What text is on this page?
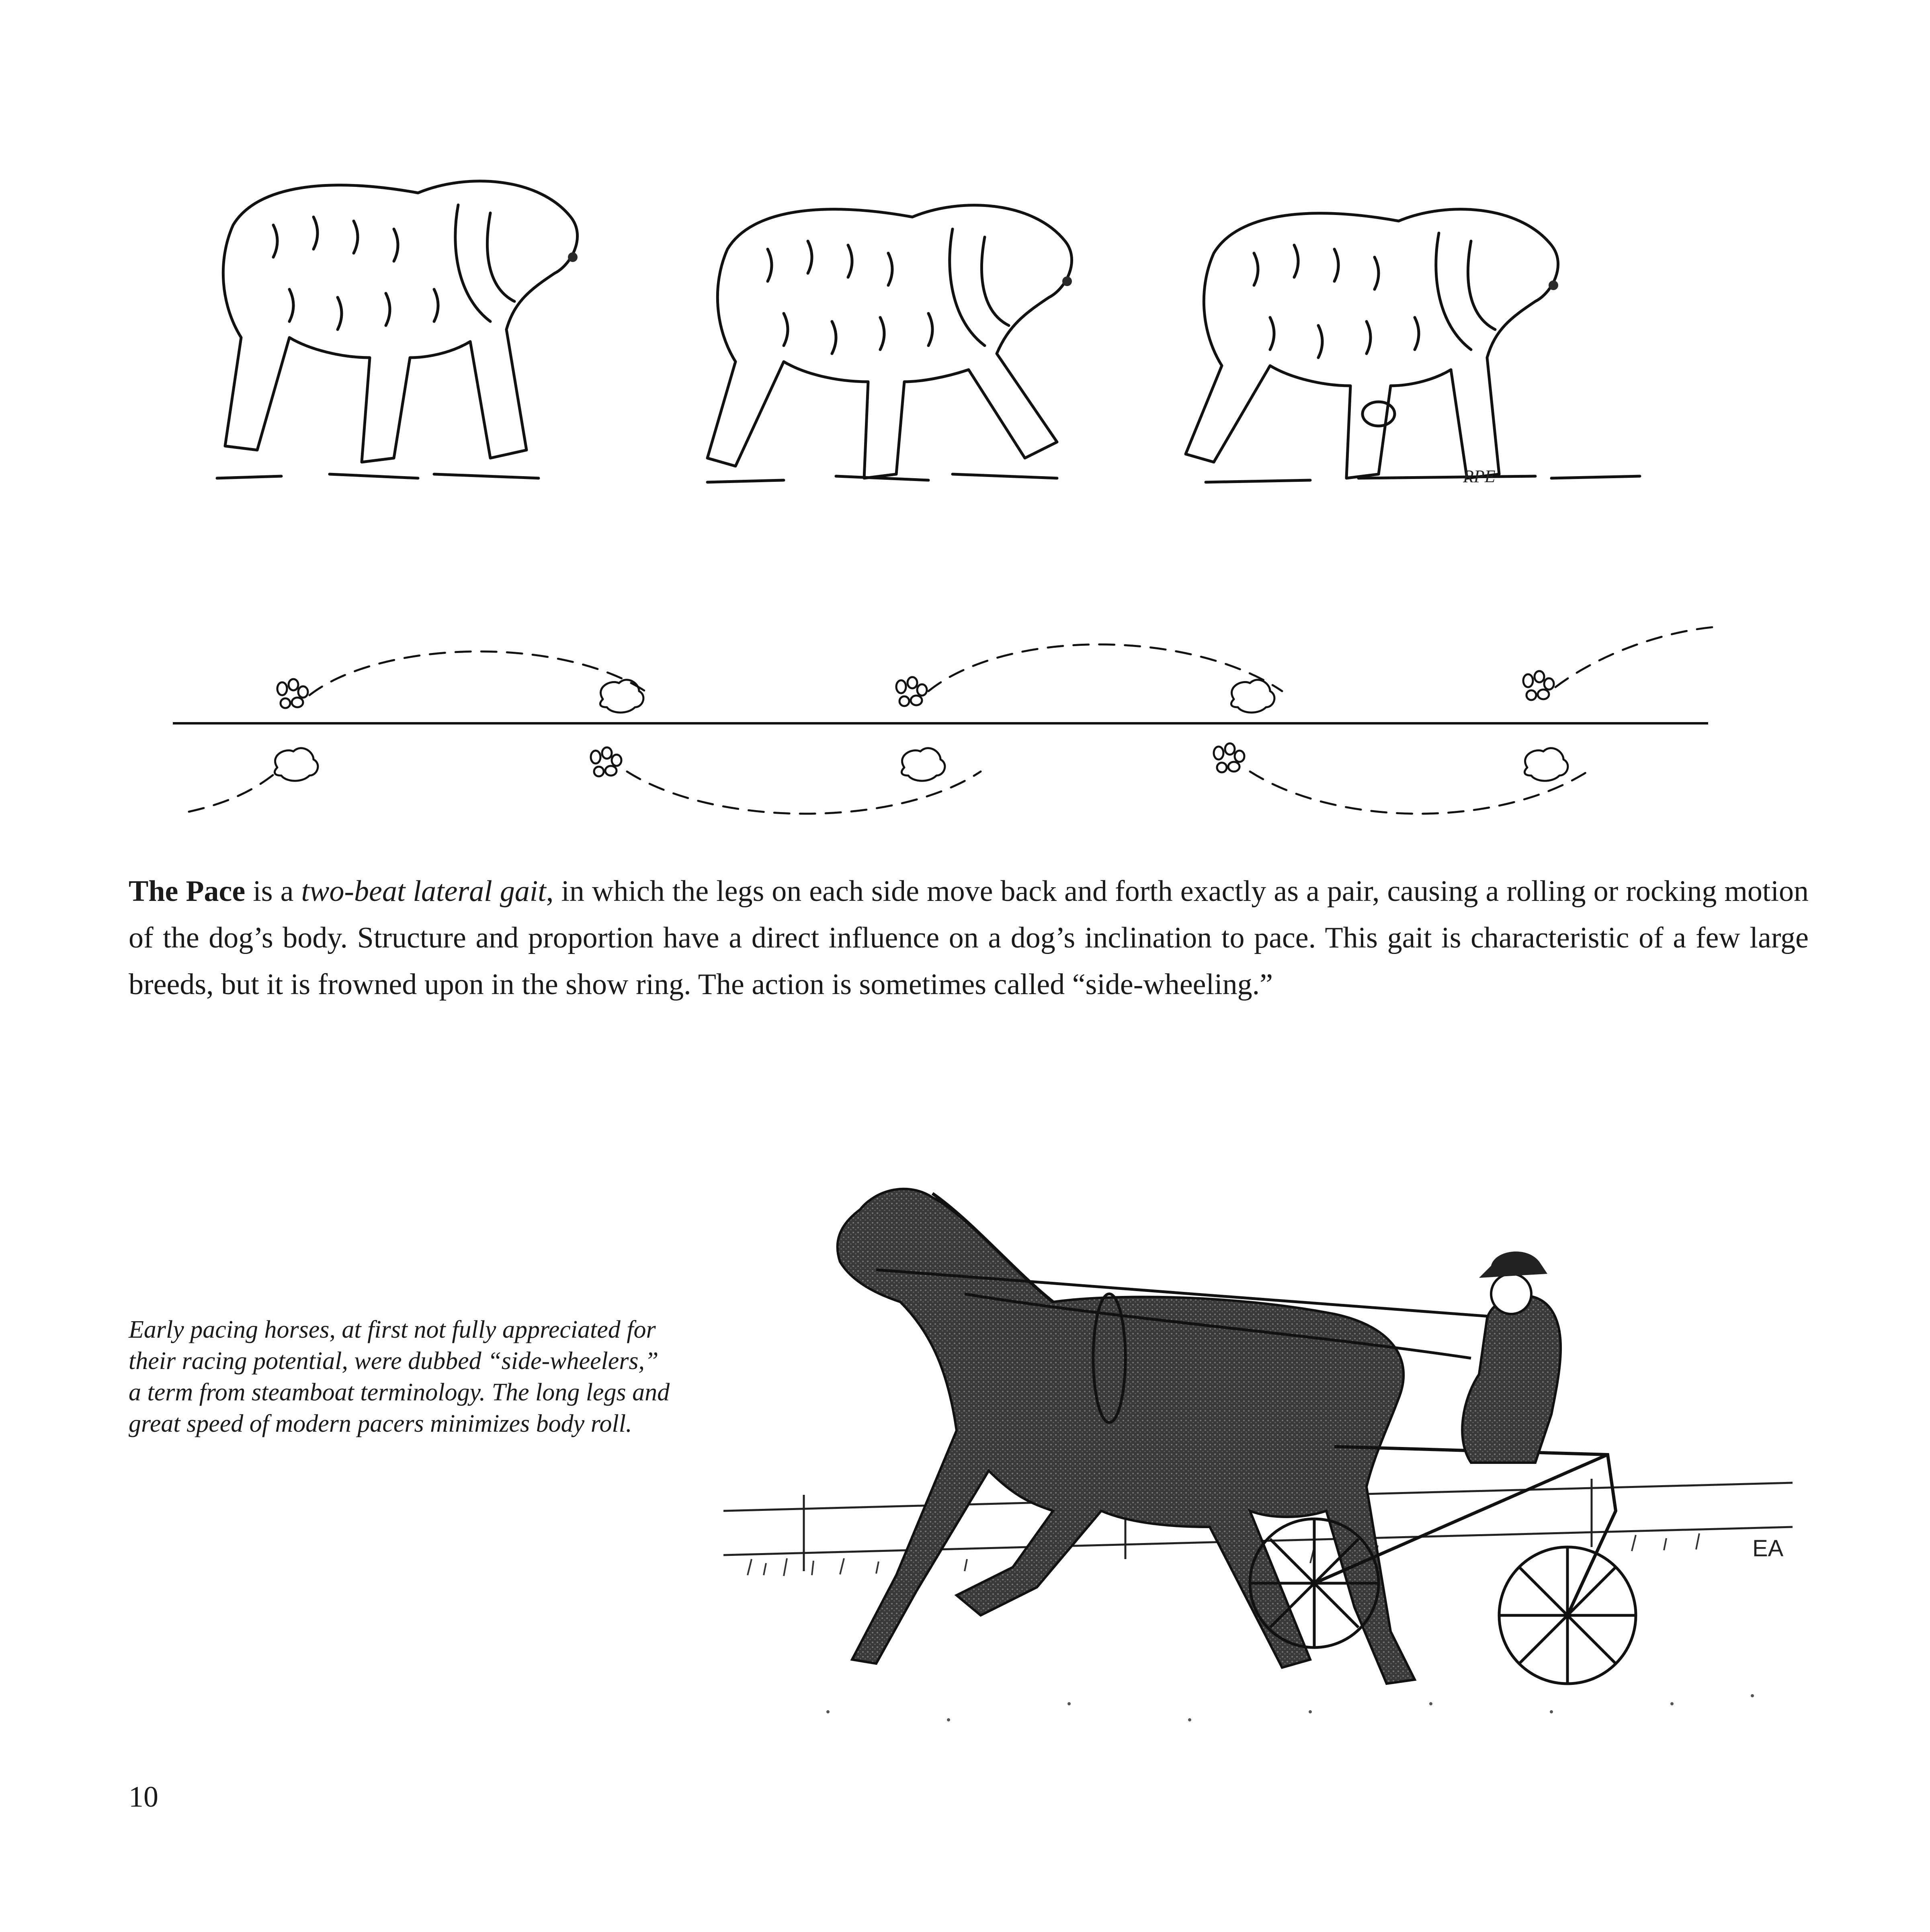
RPE

The Pace is a two-beat lateral gait, in which the legs on each side move back and forth exactly as a pair, causing a rolling or rocking motion of the dog’s body. Structure and proportion have a direct influence on a dog’s inclination to pace. This gait is characteristic of a few large breeds, but it is frowned upon in the show ring. The action is sometimes called “side-wheeling.”

Early pacing horses, at first not fully appreciated for
their racing potential, were dubbed “side-wheelers,”
a term from steamboat terminology. The long legs and
great speed of modern pacers minimizes body roll.

EA
10
